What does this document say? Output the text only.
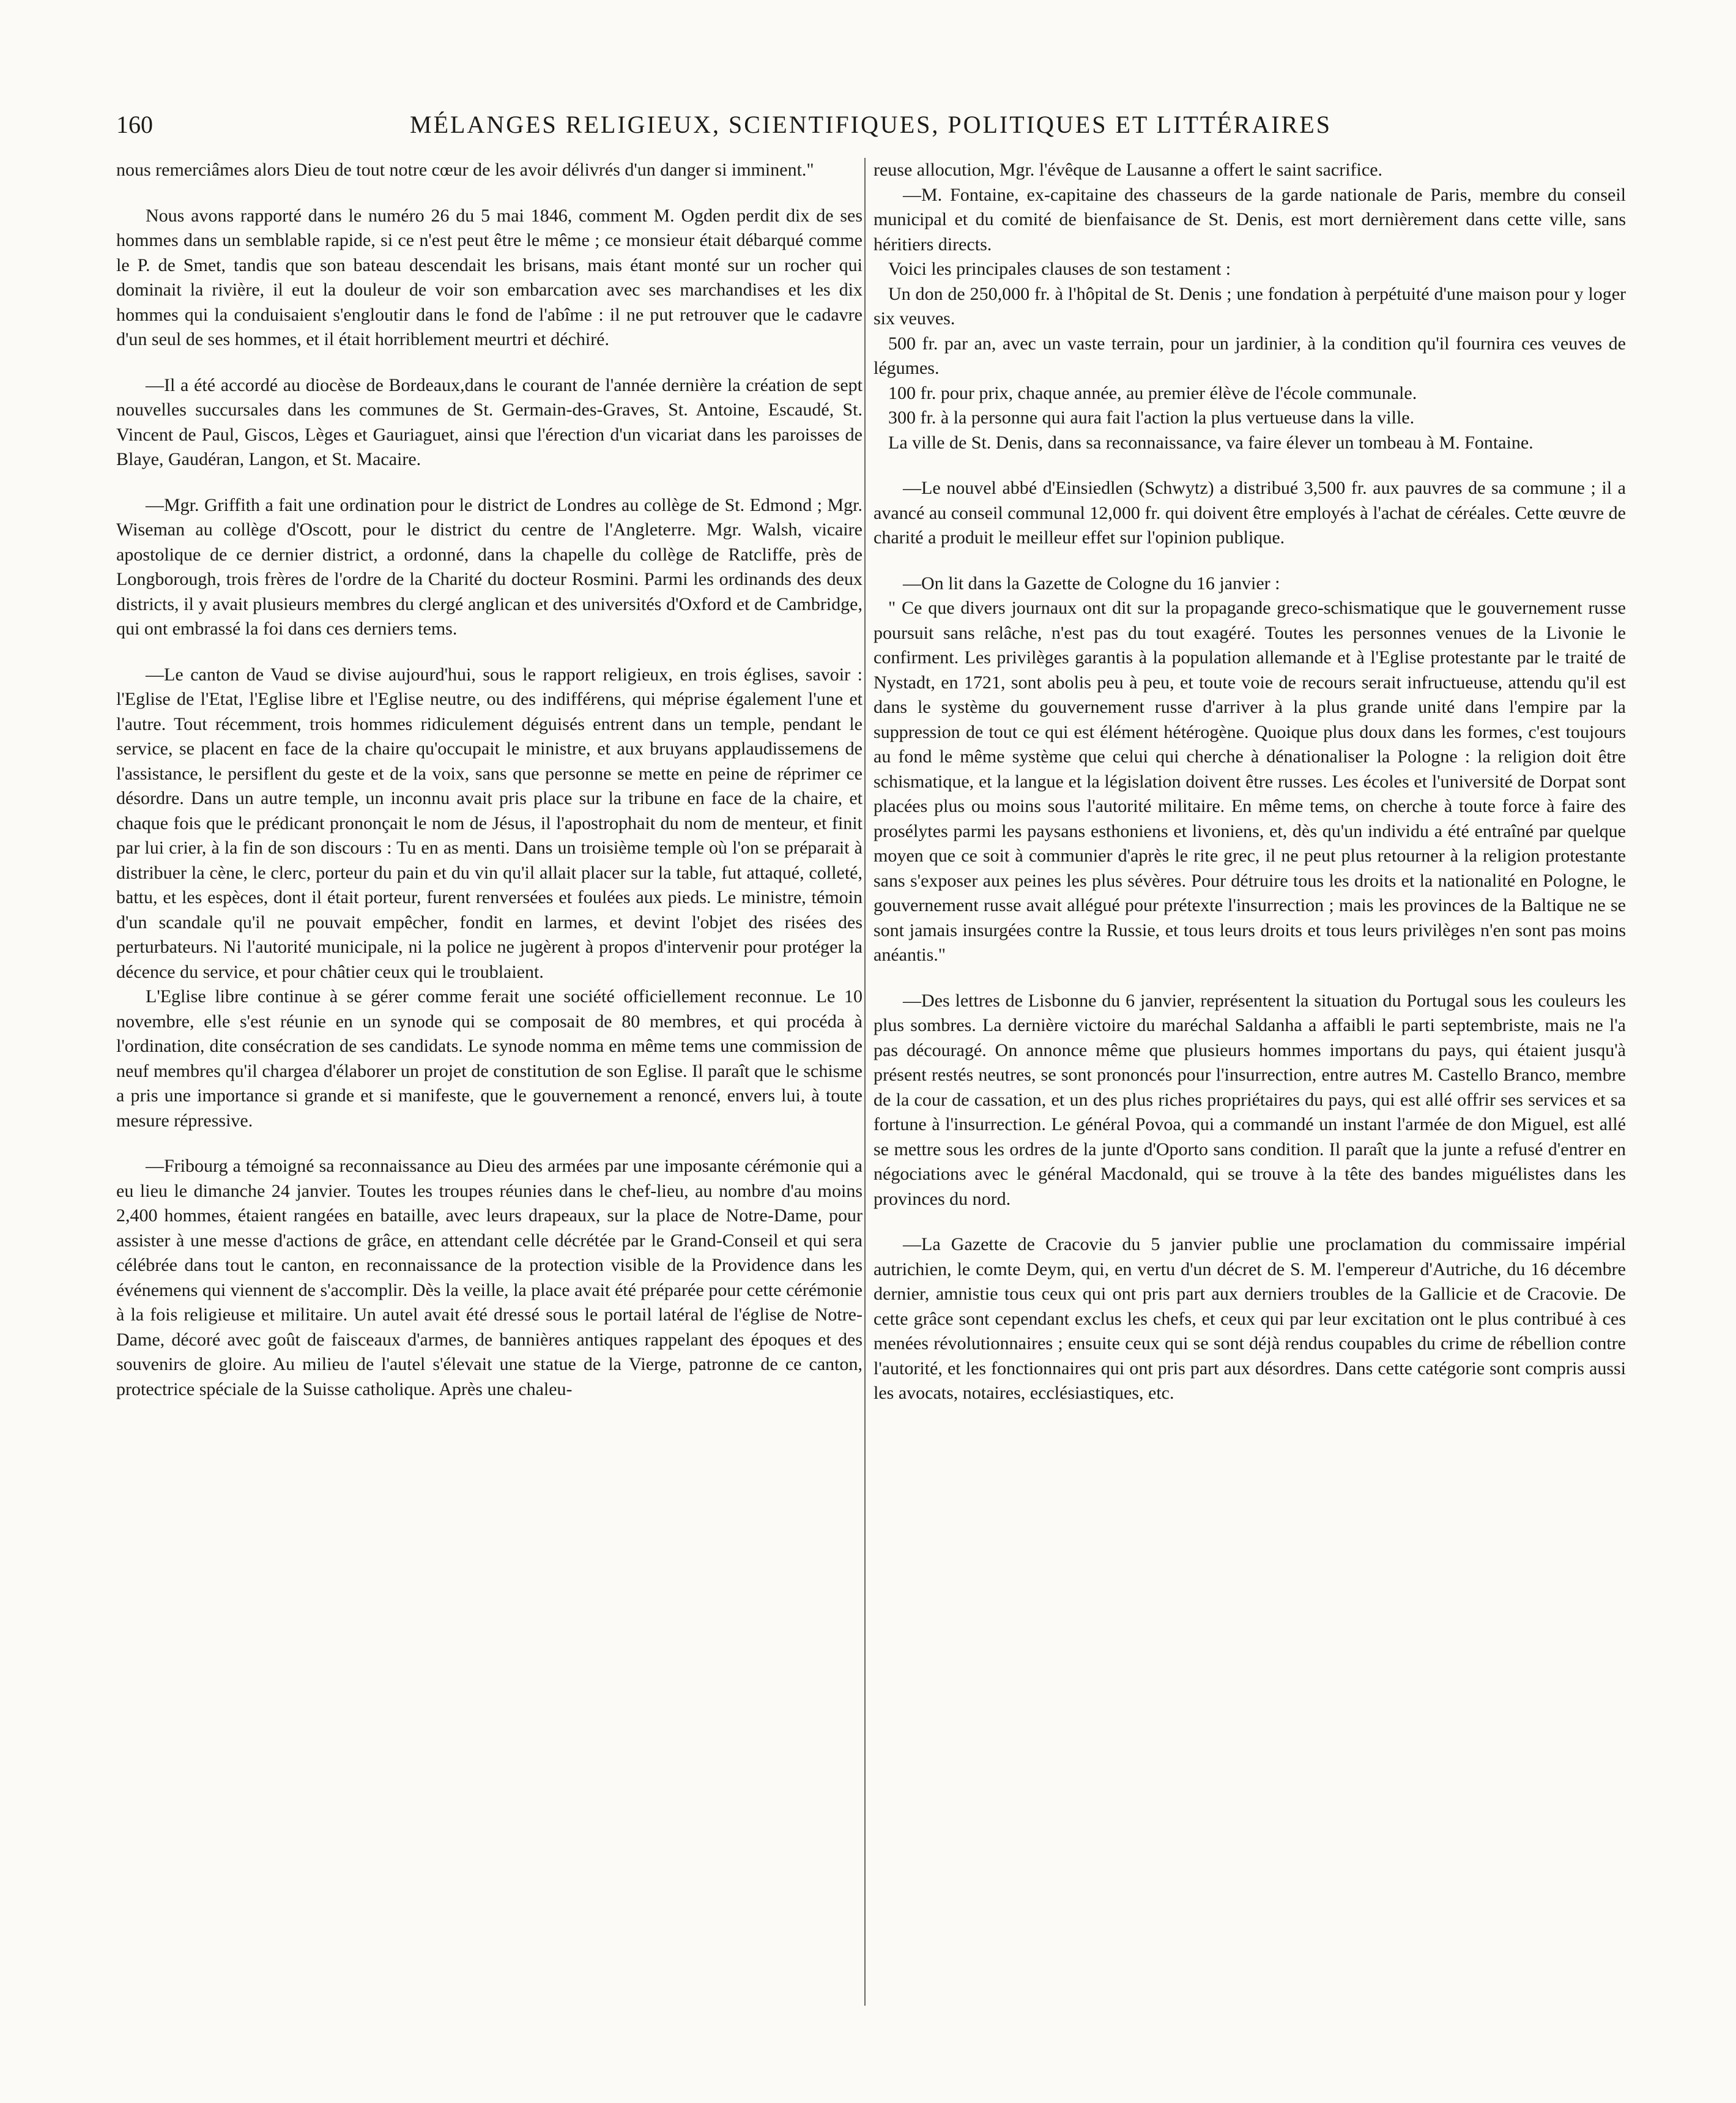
160	MÉLANGES RELIGIEUX, SCIENTIFIQUES, POLITIQUES ET LITTÉRAIRES

nous remerciâmes alors Dieu de tout notre cœur de les avoir délivrés d'un danger si imminent."

Nous avons rapporté dans le numéro 26 du 5 mai 1846, comment M. Ogden perdit dix de ses hommes dans un semblable rapide, si ce n'est peut être le même ; ce monsieur était débarqué comme le P. de Smet, tandis que son bateau descendait les brisans, mais étant monté sur un rocher qui dominait la rivière, il eut la douleur de voir son embarcation avec ses marchandises et les dix hommes qui la conduisaient s'engloutir dans le fond de l'abîme : il ne put retrouver que le cadavre d'un seul de ses hommes, et il était horriblement meurtri et déchiré.

—Il a été accordé au diocèse de Bordeaux,dans le courant de l'année dernière la création de sept nouvelles succursales dans les communes de St. Germain-des-Graves, St. Antoine, Escaudé, St. Vincent de Paul, Giscos, Lèges et Gauriaguet, ainsi que l'érection d'un vicariat dans les paroisses de Blaye, Gaudéran, Langon, et St. Macaire.

—Mgr. Griffith a fait une ordination pour le district de Londres au collège de St. Edmond ; Mgr. Wiseman au collège d'Oscott, pour le district du centre de l'Angleterre. Mgr. Walsh, vicaire apostolique de ce dernier district, a ordonné, dans la chapelle du collège de Ratcliffe, près de Longborough, trois frères de l'ordre de la Charité du docteur Rosmini. Parmi les ordinands des deux districts, il y avait plusieurs membres du clergé anglican et des universités d'Oxford et de Cambridge, qui ont embrassé la foi dans ces derniers tems.

—Le canton de Vaud se divise aujourd'hui, sous le rapport religieux, en trois églises, savoir : l'Eglise de l'Etat, l'Eglise libre et l'Eglise neutre, ou des indifférens, qui méprise également l'une et l'autre. Tout récemment, trois hommes ridiculement déguisés entrent dans un temple, pendant le service, se placent en face de la chaire qu'occupait le ministre, et aux bruyans applaudissemens de l'assistance, le persiflent du geste et de la voix, sans que personne se mette en peine de réprimer ce désordre. Dans un autre temple, un inconnu avait pris place sur la tribune en face de la chaire, et chaque fois que le prédicant prononçait le nom de Jésus, il l'apostrophait du nom de menteur, et finit par lui crier, à la fin de son discours : Tu en as menti. Dans un troisième temple où l'on se préparait à distribuer la cène, le clerc, porteur du pain et du vin qu'il allait placer sur la table, fut attaqué, colleté, battu, et les espèces, dont il était porteur, furent renversées et foulées aux pieds. Le ministre, témoin d'un scandale qu'il ne pouvait empêcher, fondit en larmes, et devint l'objet des risées des perturbateurs. Ni l'autorité municipale, ni la police ne jugèrent à propos d'intervenir pour protéger la décence du service, et pour châtier ceux qui le troublaient.

L'Eglise libre continue à se gérer comme ferait une société officiellement reconnue. Le 10 novembre, elle s'est réunie en un synode qui se composait de 80 membres, et qui procéda à l'ordination, dite consécration de ses candidats. Le synode nomma en même tems une commission de neuf membres qu'il chargea d'élaborer un projet de constitution de son Eglise. Il paraît que le schisme a pris une importance si grande et si manifeste, que le gouvernement a renoncé, envers lui, à toute mesure répressive.

—Fribourg a témoigné sa reconnaissance au Dieu des armées par une imposante cérémonie qui a eu lieu le dimanche 24 janvier. Toutes les troupes réunies dans le chef-lieu, au nombre d'au moins 2,400 hommes, étaient rangées en bataille, avec leurs drapeaux, sur la place de Notre-Dame, pour assister à une messe d'actions de grâce, en attendant celle décrétée par le Grand-Conseil et qui sera célébrée dans tout le canton, en reconnaissance de la protection visible de la Providence dans les événemens qui viennent de s'accomplir. Dès la veille, la place avait été préparée pour cette cérémonie à la fois religieuse et militaire. Un autel avait été dressé sous le portail latéral de l'église de Notre-Dame, décoré avec goût de faisceaux d'armes, de bannières antiques rappelant des époques et des souvenirs de gloire. Au milieu de l'autel s'élevait une statue de la Vierge, patronne de ce canton, protectrice spéciale de la Suisse catholique. Après une chaleu-

reuse allocution, Mgr. l'évêque de Lausanne a offert le saint sacrifice.

—M. Fontaine, ex-capitaine des chasseurs de la garde nationale de Paris, membre du conseil municipal et du comité de bienfaisance de St. Denis, est mort dernièrement dans cette ville, sans héritiers directs.

Voici les principales clauses de son testament :

Un don de 250,000 fr. à l'hôpital de St. Denis ; une fondation à perpétuité d'une maison pour y loger six veuves.

500 fr. par an, avec un vaste terrain, pour un jardinier, à la condition qu'il fournira ces veuves de légumes.

100 fr. pour prix, chaque année, au premier élève de l'école communale.

300 fr. à la personne qui aura fait l'action la plus vertueuse dans la ville.

La ville de St. Denis, dans sa reconnaissance, va faire élever un tombeau à M. Fontaine.

—Le nouvel abbé d'Einsiedlen (Schwytz) a distribué 3,500 fr. aux pauvres de sa commune ; il a avancé au conseil communal 12,000 fr. qui doivent être employés à l'achat de céréales. Cette œuvre de charité a produit le meilleur effet sur l'opinion publique.

—On lit dans la Gazette de Cologne du 16 janvier :

" Ce que divers journaux ont dit sur la propagande greco-schismatique que le gouvernement russe poursuit sans relâche, n'est pas du tout exagéré. Toutes les personnes venues de la Livonie le confirment. Les privilèges garantis à la population allemande et à l'Eglise protestante par le traité de Nystadt, en 1721, sont abolis peu à peu, et toute voie de recours serait infructueuse, attendu qu'il est dans le système du gouvernement russe d'arriver à la plus grande unité dans l'empire par la suppression de tout ce qui est élément hétérogène. Quoique plus doux dans les formes, c'est toujours au fond le même système que celui qui cherche à dénationaliser la Pologne : la religion doit être schismatique, et la langue et la législation doivent être russes. Les écoles et l'université de Dorpat sont placées plus ou moins sous l'autorité militaire. En même tems, on cherche à toute force à faire des prosélytes parmi les paysans esthoniens et livoniens, et, dès qu'un individu a été entraîné par quelque moyen que ce soit à communier d'après le rite grec, il ne peut plus retourner à la religion protestante sans s'exposer aux peines les plus sévères. Pour détruire tous les droits et la nationalité en Pologne, le gouvernement russe avait allégué pour prétexte l'insurrection ; mais les provinces de la Baltique ne se sont jamais insurgées contre la Russie, et tous leurs droits et tous leurs privilèges n'en sont pas moins anéantis."

—Des lettres de Lisbonne du 6 janvier, représentent la situation du Portugal sous les couleurs les plus sombres. La dernière victoire du maréchal Saldanha a affaibli le parti septembriste, mais ne l'a pas découragé. On annonce même que plusieurs hommes importans du pays, qui étaient jusqu'à présent restés neutres, se sont prononcés pour l'insurrection, entre autres M. Castello Branco, membre de la cour de cassation, et un des plus riches propriétaires du pays, qui est allé offrir ses services et sa fortune à l'insurrection. Le général Povoa, qui a commandé un instant l'armée de don Miguel, est allé se mettre sous les ordres de la junte d'Oporto sans condition. Il paraît que la junte a refusé d'entrer en négociations avec le général Macdonald, qui se trouve à la tête des bandes miguélistes dans les provinces du nord.

—La Gazette de Cracovie du 5 janvier publie une proclamation du commissaire impérial autrichien, le comte Deym, qui, en vertu d'un décret de S. M. l'empereur d'Autriche, du 16 décembre dernier, amnistie tous ceux qui ont pris part aux derniers troubles de la Gallicie et de Cracovie. De cette grâce sont cependant exclus les chefs, et ceux qui par leur excitation ont le plus contribué à ces menées révolutionnaires ; ensuite ceux qui se sont déjà rendus coupables du crime de rébellion contre l'autorité, et les fonctionnaires qui ont pris part aux désordres. Dans cette catégorie sont compris aussi les avocats, notaires, ecclésiastiques, etc.
